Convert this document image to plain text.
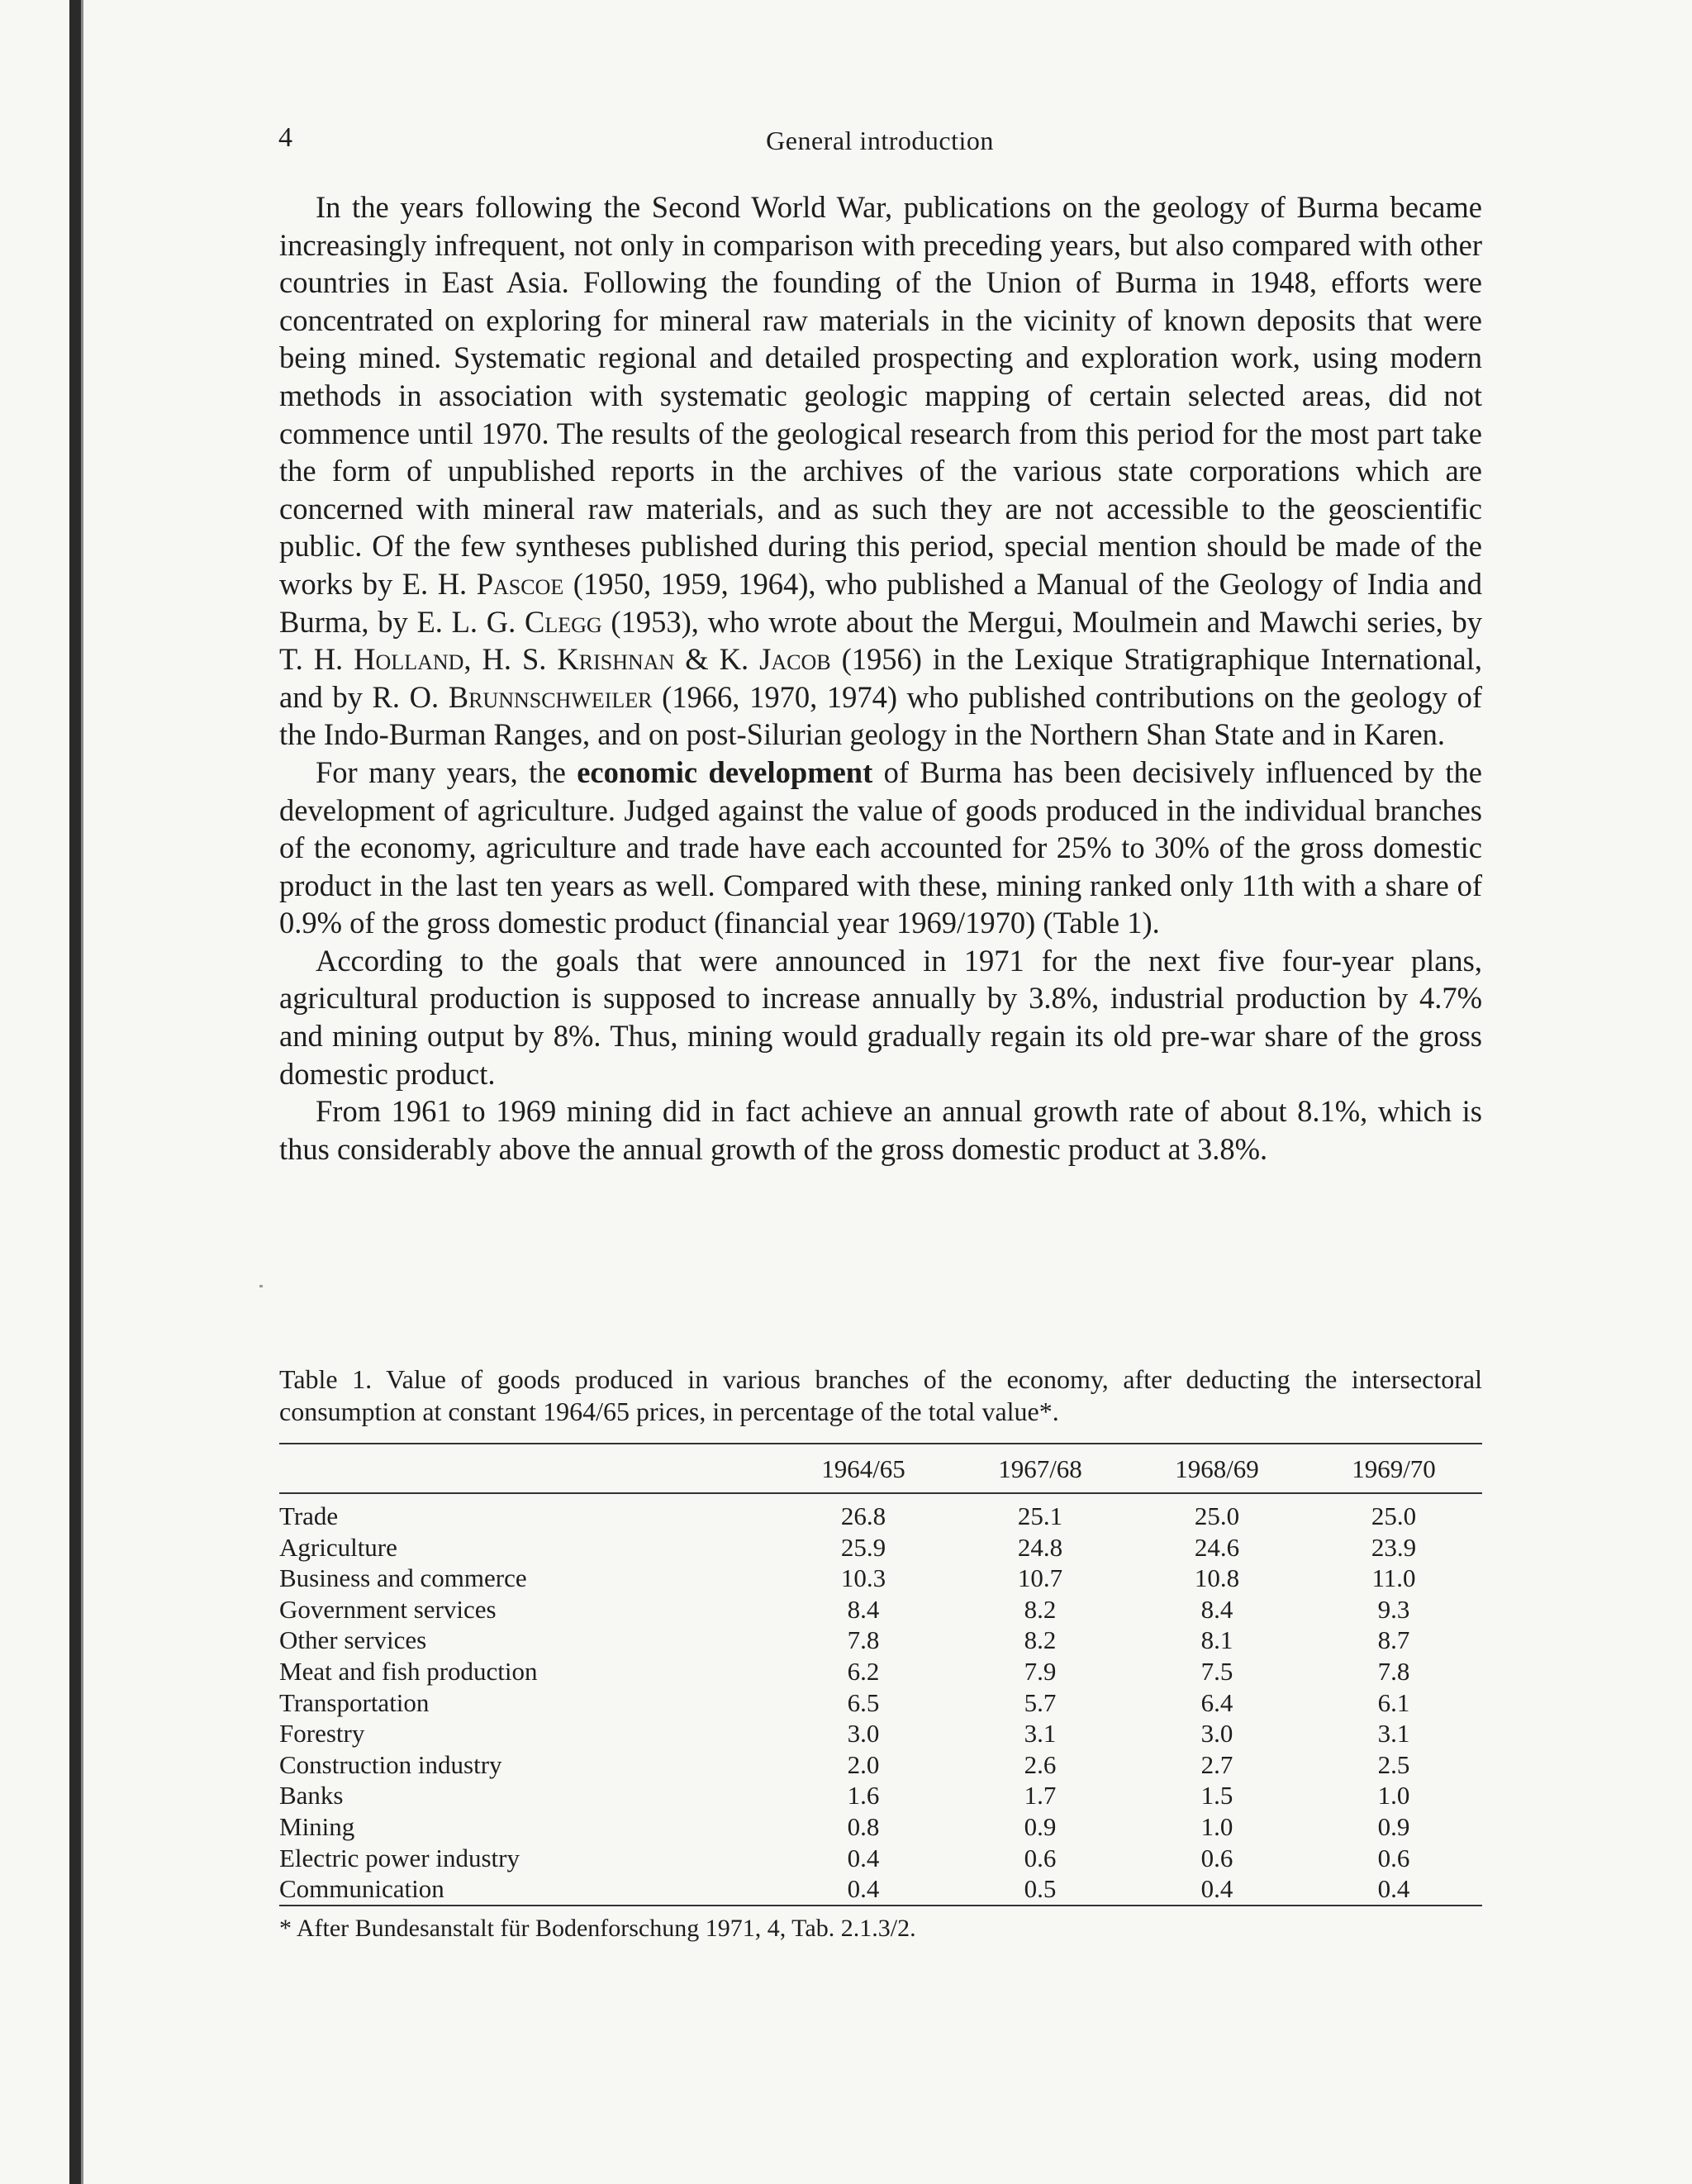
4	General introduction

In the years following the Second World War, publications on the geology of Burma became increasingly infrequent, not only in comparison with preceding years, but also compared with other countries in East Asia. Following the founding of the Union of Burma in 1948, efforts were concentrated on exploring for mineral raw materials in the vicinity of known deposits that were being mined. Systematic regional and detailed prospecting and exploration work, using modern methods in association with systematic geologic mapping of certain selected areas, did not commence until 1970. The results of the geological research from this period for the most part take the form of unpublished reports in the archives of the various state corporations which are concerned with mineral raw materials, and as such they are not accessible to the geoscientific public. Of the few syntheses published during this period, special mention should be made of the works by E. H. Pascoe (1950, 1959, 1964), who published a Manual of the Geology of India and Burma, by E. L. G. Clegg (1953), who wrote about the Mergui, Moulmein and Mawchi series, by T. H. Holland, H. S. Krishnan & K. Jacob (1956) in the Lexique Stratigraphique International, and by R. O. Brunnschweiler (1966, 1970, 1974) who published contributions on the geology of the Indo-Burman Ranges, and on post-Silurian geology in the Northern Shan State and in Karen.

For many years, the economic development of Burma has been decisively influenced by the development of agriculture. Judged against the value of goods produced in the individual branches of the economy, agriculture and trade have each accounted for 25% to 30% of the gross domestic product in the last ten years as well. Compared with these, mining ranked only 11th with a share of 0.9% of the gross domestic product (financial year 1969/1970) (Table 1).

According to the goals that were announced in 1971 for the next five four-year plans, agricultural production is supposed to increase annually by 3.8%, industrial production by 4.7% and mining output by 8%. Thus, mining would gradually regain its old pre-war share of the gross domestic product.

From 1961 to 1969 mining did in fact achieve an annual growth rate of about 8.1%, which is thus considerably above the annual growth of the gross domestic product at 3.8%.

Table 1. Value of goods produced in various branches of the economy, after deducting the intersectoral consumption at constant 1964/65 prices, in percentage of the total value*.

	1964/65	1967/68	1968/69	1969/70
Trade	26.8	25.1	25.0	25.0
Agriculture	25.9	24.8	24.6	23.9
Business and commerce	10.3	10.7	10.8	11.0
Government services	8.4	8.2	8.4	9.3
Other services	7.8	8.2	8.1	8.7
Meat and fish production	6.2	7.9	7.5	7.8
Transportation	6.5	5.7	6.4	6.1
Forestry	3.0	3.1	3.0	3.1
Construction industry	2.0	2.6	2.7	2.5
Banks	1.6	1.7	1.5	1.0
Mining	0.8	0.9	1.0	0.9
Electric power industry	0.4	0.6	0.6	0.6
Communication	0.4	0.5	0.4	0.4
* After Bundesanstalt für Bodenforschung 1971, 4, Tab. 2.1.3/2.
